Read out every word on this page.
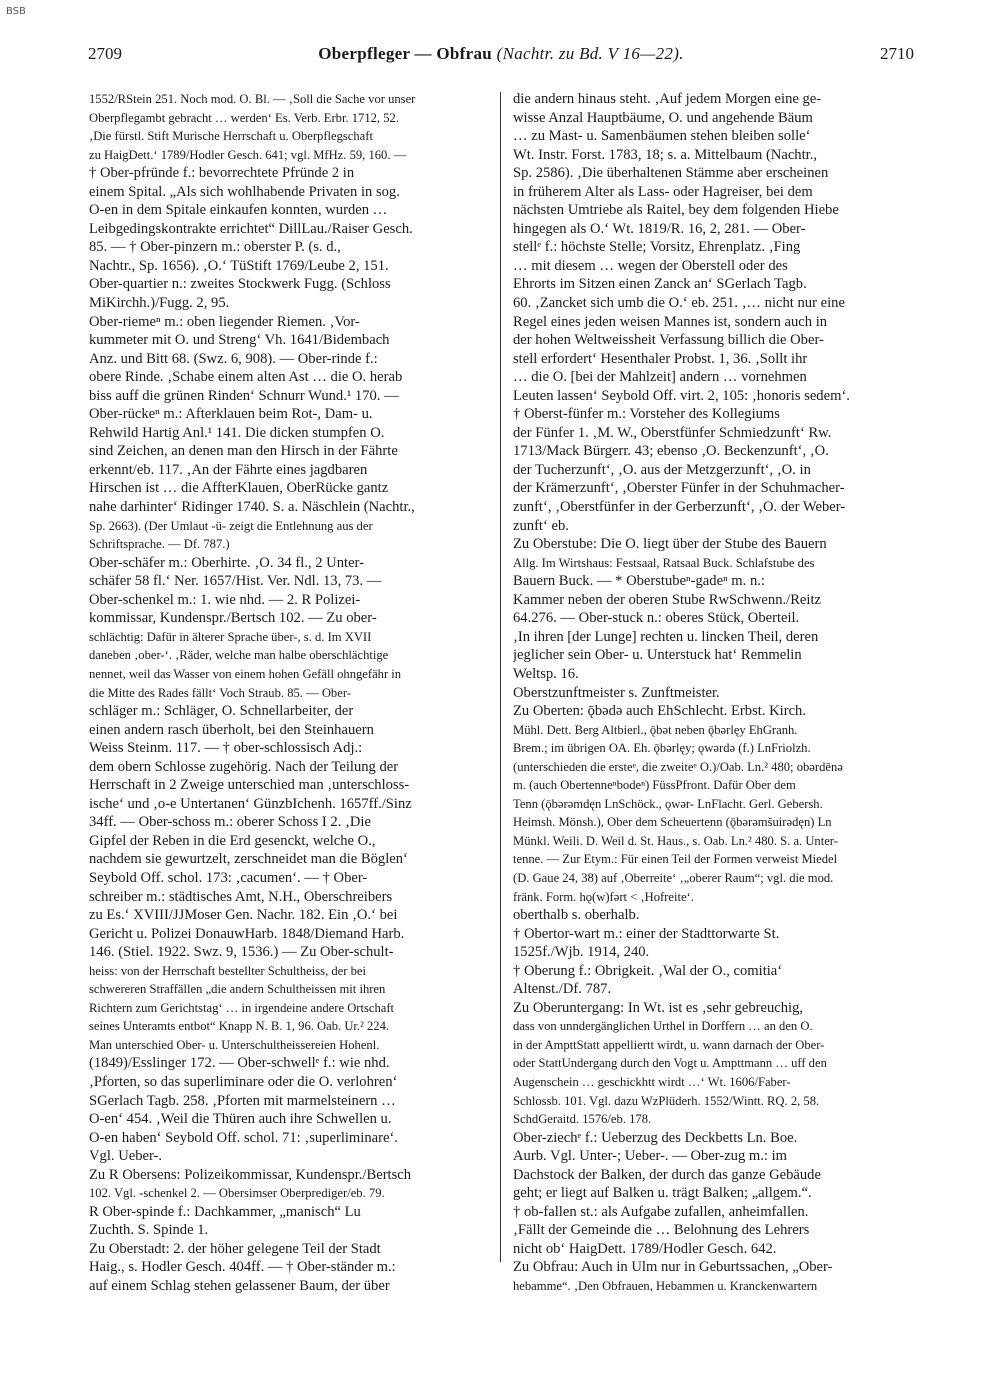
BSB
2709	Oberpfleger — Obfrau (Nachtr. zu Bd. V 16—22).	2710
1552/RStein 251. Noch mod. O. Bl. — ‚Soll die Sache vor unser
Oberpflegambt gebracht … werden‘ Es. Verb. Erbr. 1712, 52.
‚Die fürstl. Stift Murische Herrschaft u. Oberpflegschaft
zu HaigDett.‘ 1789/Hodler Gesch. 641; vgl. MfHz. 59, 160. —
† Ober-pfründe f.: bevorrechtete Pfründe 2 in
einem Spital. „Als sich wohlhabende Privaten in sog.
O-en in dem Spitale einkaufen konnten, wurden …
Leibgedingskontrakte errichtet“ DillLau./Raiser Gesch.
85. — † Ober-pinzern m.: oberster P. (s. d.,
Nachtr., Sp. 1656). ‚O.‘ TüStift 1769/Leube 2, 151.
Ober-quartier n.: zweites Stockwerk Fugg. (Schloss
MiKirchh.)/Fugg. 2, 95.
Ober-riemeⁿ m.: oben liegender Riemen. ‚Vor-
kummeter mit O. und Streng‘ Vh. 1641/Bidembach
Anz. und Bitt 68. (Swz. 6, 908). — Ober-rinde f.:
obere Rinde. ‚Schabe einem alten Ast … die O. herab
biss auff die grünen Rinden‘ Schnurr Wund.¹ 170. —
Ober-rückeⁿ m.: Afterklauen beim Rot-, Dam- u.
Rehwild Hartig Anl.¹ 141. Die dicken stumpfen O.
sind Zeichen, an denen man den Hirsch in der Fährte
erkennt/eb. 117. ‚An der Fährte eines jagdbaren
Hirschen ist … die AffterKlauen, OberRücke gantz
nahe darhinter‘ Ridinger 1740. S. a. Näschlein (Nachtr.,
Sp. 2663). (Der Umlaut -ü- zeigt die Entlehnung aus der
Schriftsprache. — Df. 787.)
Ober-schäfer m.: Oberhirte. ‚O. 34 fl., 2 Unter-
schäfer 58 fl.‘ Ner. 1657/Hist. Ver. Ndl. 13, 73. —
Ober-schenkel m.: 1. wie nhd. — 2. R Polizei-
kommissar, Kundenspr./Bertsch 102. — Zu ober-
schlächtig: Dafür in älterer Sprache über-, s. d. Im XVII
daneben ‚ober-‘. ‚Räder, welche man halbe oberschlächtige
nennet, weil das Wasser von einem hohen Gefäll ohngefähr in
die Mitte des Rades fällt‘ Voch Straub. 85. — Ober-
schläger m.: Schläger, O. Schnellarbeiter, der
einen andern rasch überholt, bei den Steinhauern
Weiss Steinm. 117. — † ober-schlossisch Adj.:
dem obern Schlosse zugehörig. Nach der Teilung der
Herrschaft in 2 Zweige unterschied man ‚unterschloss-
ische‘ und ‚o-e Untertanen‘ GünzbIchenh. 1657ff./Sinz
34ff. — Ober-schoss m.: oberer Schoss I 2. ‚Die
Gipfel der Reben in die Erd gesenckt, welche O.,
nachdem sie gewurtzelt, zerschneidet man die Böglen‘
Seybold Off. schol. 173: ‚cacumen‘. — † Ober-
schreiber m.: städtisches Amt, N.H., Oberschreibers
zu Es.‘ XVIII/JJMoser Gen. Nachr. 182. Ein ‚O.‘ bei
Gericht u. Polizei DonauwHarb. 1848/Diemand Harb.
146. (Stiel. 1922. Swz. 9, 1536.) — Zu Ober-schult-
heiss: von der Herrschaft bestellter Schultheiss, der bei
schwereren Straffällen „die andern Schultheissen mit ihren
Richtern zum Gerichtstag‘ … in irgendeine andere Ortschaft
seines Unteramts entbot“ Knapp N. B. 1, 96. Oab. Ur.² 224.
Man unterschied Ober- u. Unterschultheissereien Hohenl.
(1849)/Esslinger 172. — Ober-schwellᵉ f.: wie nhd.
‚Pforten, so das superliminare oder die O. verlohren‘
SGerlach Tagb. 258. ‚Pforten mit marmelsteinern …
O-en‘ 454. ‚Weil die Thüren auch ihre Schwellen u.
O-en haben‘ Seybold Off. schol. 71: ‚superliminare‘.
Vgl. Ueber-.
Zu R Obersens: Polizeikommissar, Kundenspr./Bertsch
102. Vgl. -schenkel 2. — Obersimser Oberprediger/eb. 79.
R Ober-spinde f.: Dachkammer, „manisch“ Lu
Zuchth. S. Spinde 1.
Zu Oberstadt: 2. der höher gelegene Teil der Stadt
Haig., s. Hodler Gesch. 404ff. — † Ober-ständer m.:
auf einem Schlag stehen gelassener Baum, der über
die andern hinaus steht. ‚Auf jedem Morgen eine ge-
wisse Anzal Hauptbäume, O. und angehende Bäum
… zu Mast- u. Samenbäumen stehen bleiben solle‘
Wt. Instr. Forst. 1783, 18; s. a. Mittelbaum (Nachtr.,
Sp. 2586). ‚Die überhaltenen Stämme aber erscheinen
in früherem Alter als Lass- oder Hagreiser, bei dem
nächsten Umtriebe als Raitel, bey dem folgenden Hiebe
hingegen als O.‘ Wt. 1819/R. 16, 2, 281. — Ober-
stellᵉ f.: höchste Stelle; Vorsitz, Ehrenplatz. ‚Fing
… mit diesem … wegen der Oberstell oder des
Ehrorts im Sitzen einen Zanck an‘ SGerlach Tagb.
60. ‚Zancket sich umb die O.‘ eb. 251. ‚… nicht nur eine
Regel eines jeden weisen Mannes ist, sondern auch in
der hohen Weltweissheit Verfassung billich die Ober-
stell erfordert‘ Hesenthaler Probst. 1, 36. ‚Sollt ihr
… die O. [bei der Mahlzeit] andern … vornehmen
Leuten lassen‘ Seybold Off. virt. 2, 105: ‚honoris sedem‘.
† Oberst-fünfer m.: Vorsteher des Kollegiums
der Fünfer 1. ‚M. W., Oberstfünfer Schmiedzunft‘ Rw.
1713/Mack Bürgerr. 43; ebenso ‚O. Beckenzunft‘, ‚O.
der Tucherzunft‘, ‚O. aus der Metzgerzunft‘, ‚O. in
der Krämerzunft‘, ‚Oberster Fünfer in der Schuhmacher-
zunft‘, ‚Oberstfünfer in der Gerberzunft‘, ‚O. der Weber-
zunft‘ eb.
Zu Oberstube: Die O. liegt über der Stube des Bauern
Allg. Im Wirtshaus: Festsaal, Ratsaal Buck. Schlafstube des
Bauern Buck. — * Oberstubeⁿ-gadeⁿ m. n.:
Kammer neben der oberen Stube RwSchwenn./Reitz
64.276. — Ober-stuck n.: oberes Stück, Oberteil.
‚In ihren [der Lunge] rechten u. lincken Theil, deren
jeglicher sein Ober- u. Unterstuck hat‘ Remmelin
Weltsp. 16.
Oberstzunftmeister s. Zunftmeister.
Zu Oberten: ǭbədə auch EhSchlecht. Erbst. Kirch.
Mühl. Dett. Berg Altbierl., ǭbət neben ǭbərlęy EhGranh.
Brem.; im übrigen OA. Eh. ǭbərlęy; ǫwərdə (f.) LnFriolzh.
(unterschieden die ersteᵉ, die zweiteᵉ O.)/Oab. Ln.² 480; obərdēnə
m. (auch Obertenneⁿbodeⁿ) FüssPfront. Dafür Ober dem
Tenn (ǭbərəmdęn LnSchöck., ǫwər- LnFlacht. Gerl. Gebersh.
Heimsh. Mönsh.), Ober dem Scheuertenn (ǭbərəmšuirədęn) Ln
Münkl. Weili. D. Weil d. St. Haus., s. Oab. Ln.² 480. S. a. Unter-
tenne. — Zur Etym.: Für einen Teil der Formen verweist Miedel
(D. Gaue 24, 38) auf ‚Oberreite‘ ‚„oberer Raum“; vgl. die mod.
fränk. Form. hǫ(w)fərt < ‚Hofreite‘.
oberthalb s. oberhalb.
† Obertor-wart m.: einer der Stadttorwarte St.
1525f./Wjb. 1914, 240.
† Oberung f.: Obrigkeit. ‚Wal der O., comitia‘
Altenst./Df. 787.
Zu Oberuntergang: In Wt. ist es ‚sehr gebreuchig,
dass von unndergänglichen Urthel in Dorffern … an den O.
in der AmpttStatt appelliertt wirdt, u. wann darnach der Ober-
oder StattUndergang durch den Vogt u. Ampttmann … uff den
Augenschein … geschickhtt wirdt …‘ Wt. 1606/Faber-
Schlossb. 101. Vgl. dazu WzPlüderh. 1552/Wintt. RQ. 2, 58.
SchdGeraitd. 1576/eb. 178.
Ober-ziechᵉ f.: Ueberzug des Deckbetts Ln. Boe.
Aurb. Vgl. Unter-; Ueber-. — Ober-zug m.: im
Dachstock der Balken, der durch das ganze Gebäude
geht; er liegt auf Balken u. trägt Balken; „allgem.“.
† ob-fallen st.: als Aufgabe zufallen, anheimfallen.
‚Fällt der Gemeinde die … Belohnung des Lehrers
nicht ob‘ HaigDett. 1789/Hodler Gesch. 642.
Zu Obfrau: Auch in Ulm nur in Geburtssachen, „Ober-
hebamme“. ‚Den Obfrauen, Hebammen u. Kranckenwartern
